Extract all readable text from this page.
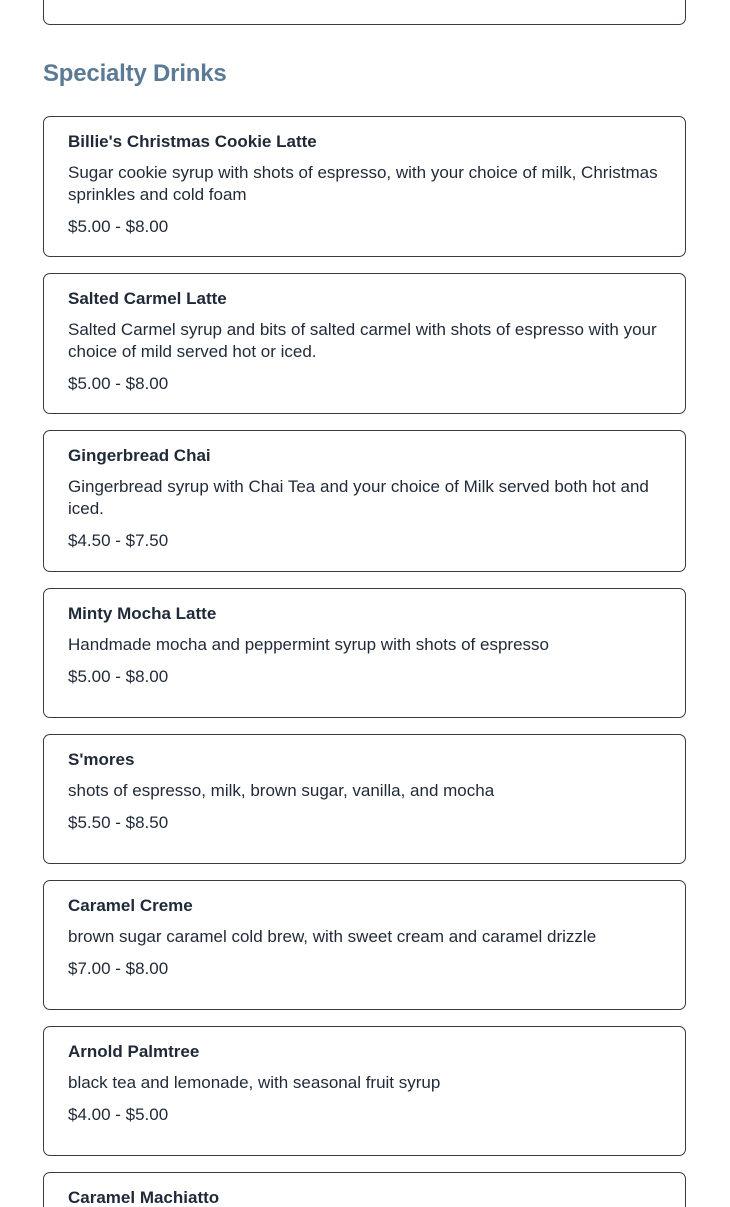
Specialty Drinks

Billie's Christmas Cookie Latte

Sugar cookie syrup with shots of espresso, with your choice of milk, Christmas sprinkles and cold foam

$5.00 - $8.00

Salted Carmel Latte

Salted Carmel syrup and bits of salted carmel with shots of espresso with your choice of mild served hot or iced.

$5.00 - $8.00

Gingerbread Chai

Gingerbread syrup with Chai Tea and your choice of Milk served both hot and iced.

$4.50 - $7.50

Minty Mocha Latte

Handmade mocha and peppermint syrup with shots of espresso

$5.00 - $8.00

S'mores

shots of espresso, milk, brown sugar, vanilla, and mocha

$5.50 - $8.50

Caramel Creme

brown sugar caramel cold brew, with sweet cream and caramel drizzle

$7.00 - $8.00

Arnold Palmtree

black tea and lemonade, with seasonal fruit syrup

$4.00 - $5.00

Caramel Machiatto
